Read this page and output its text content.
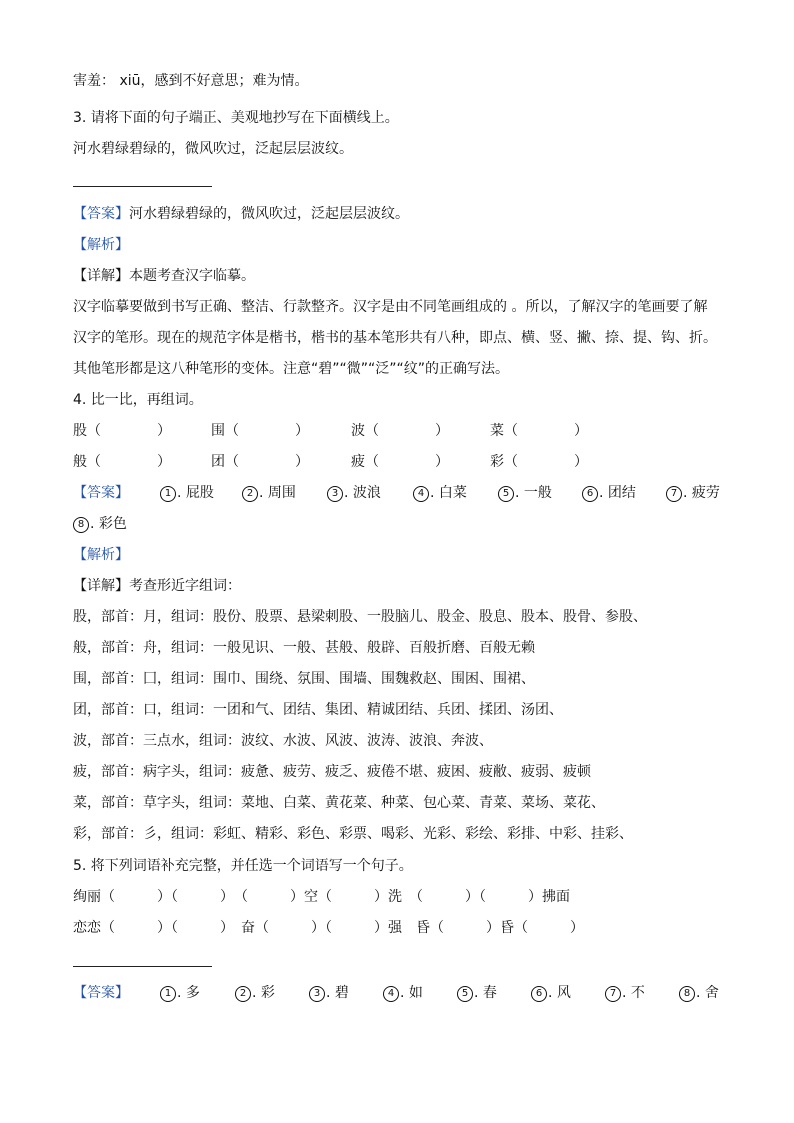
害羞： xiū，感到不好意思；难为情。
3. 请将下面的句子端正、美观地抄写在下面横线上。
河水碧绿碧绿的，微风吹过，泛起层层波纹。
【答案】河水碧绿碧绿的，微风吹过，泛起层层波纹。
【解析】
【详解】本题考查汉字临摹。
汉字临摹要做到书写正确、整洁、行款整齐。汉字是由不同笔画组成的 。所以，了解汉字的笔画要了解
汉字的笔形。现在的规范字体是楷书，楷书的基本笔形共有八种，即点、横、竖、撇、捺、提、钩、折。
其他笔形都是这八种笔形的变体。注意“碧”“微”“泛”“纹”的正确写法。
4. 比一比，再组词。
股（　　　　）	围（　　　　）	波（　　　　）	菜（　　　　）
般（　　　　）	团（　　　　）	疲（　　　　）	彩（　　　　）
【答案】	1 . 屁股	2 . 周围	3 . 波浪	4 . 白菜	5 . 一般	6 . 团结	7 . 疲劳
8 . 彩色
【解析】
【详解】考查形近字组词：
股，部首：月，组词：股份、股票、悬梁刺股、一股脑儿、股金、股息、股本、股骨、参股、
般，部首：舟，组词：一般见识、一般、甚般、般辟、百般折磨、百般无赖
围，部首：囗，组词：围巾、围绕、氛围、围墙、围魏救赵、围困、围裙、
团，部首：口，组词：一团和气、团结、集团、精诚团结、兵团、揉团、汤团、
波，部首：三点水，组词：波纹、水波、风波、波涛、波浪、奔波、
疲，部首：病字头，组词：疲惫、疲劳、疲乏、疲倦不堪、疲困、疲敝、疲弱、疲顿
菜，部首：草字头，组词：菜地、白菜、黄花菜、种菜、包心菜、青菜、菜场、菜花、
彩，部首：彡，组词：彩虹、精彩、彩色、彩票、喝彩、光彩、彩绘、彩排、中彩、挂彩、
5. 将下列词语补充完整，并任选一个词语写一个句子。
绚丽（　　　）（　　　）　（　　　）空（　　　）洗　（　　　）（　　　）拂面
恋恋（　　　）（　　　）　奋（　　　）（　　　）强　昏（　　　）昏（　　　）
【答案】	1 . 多	2 . 彩	3 . 碧	4 . 如	5 . 春	6 . 风	7 . 不	8 . 舍
